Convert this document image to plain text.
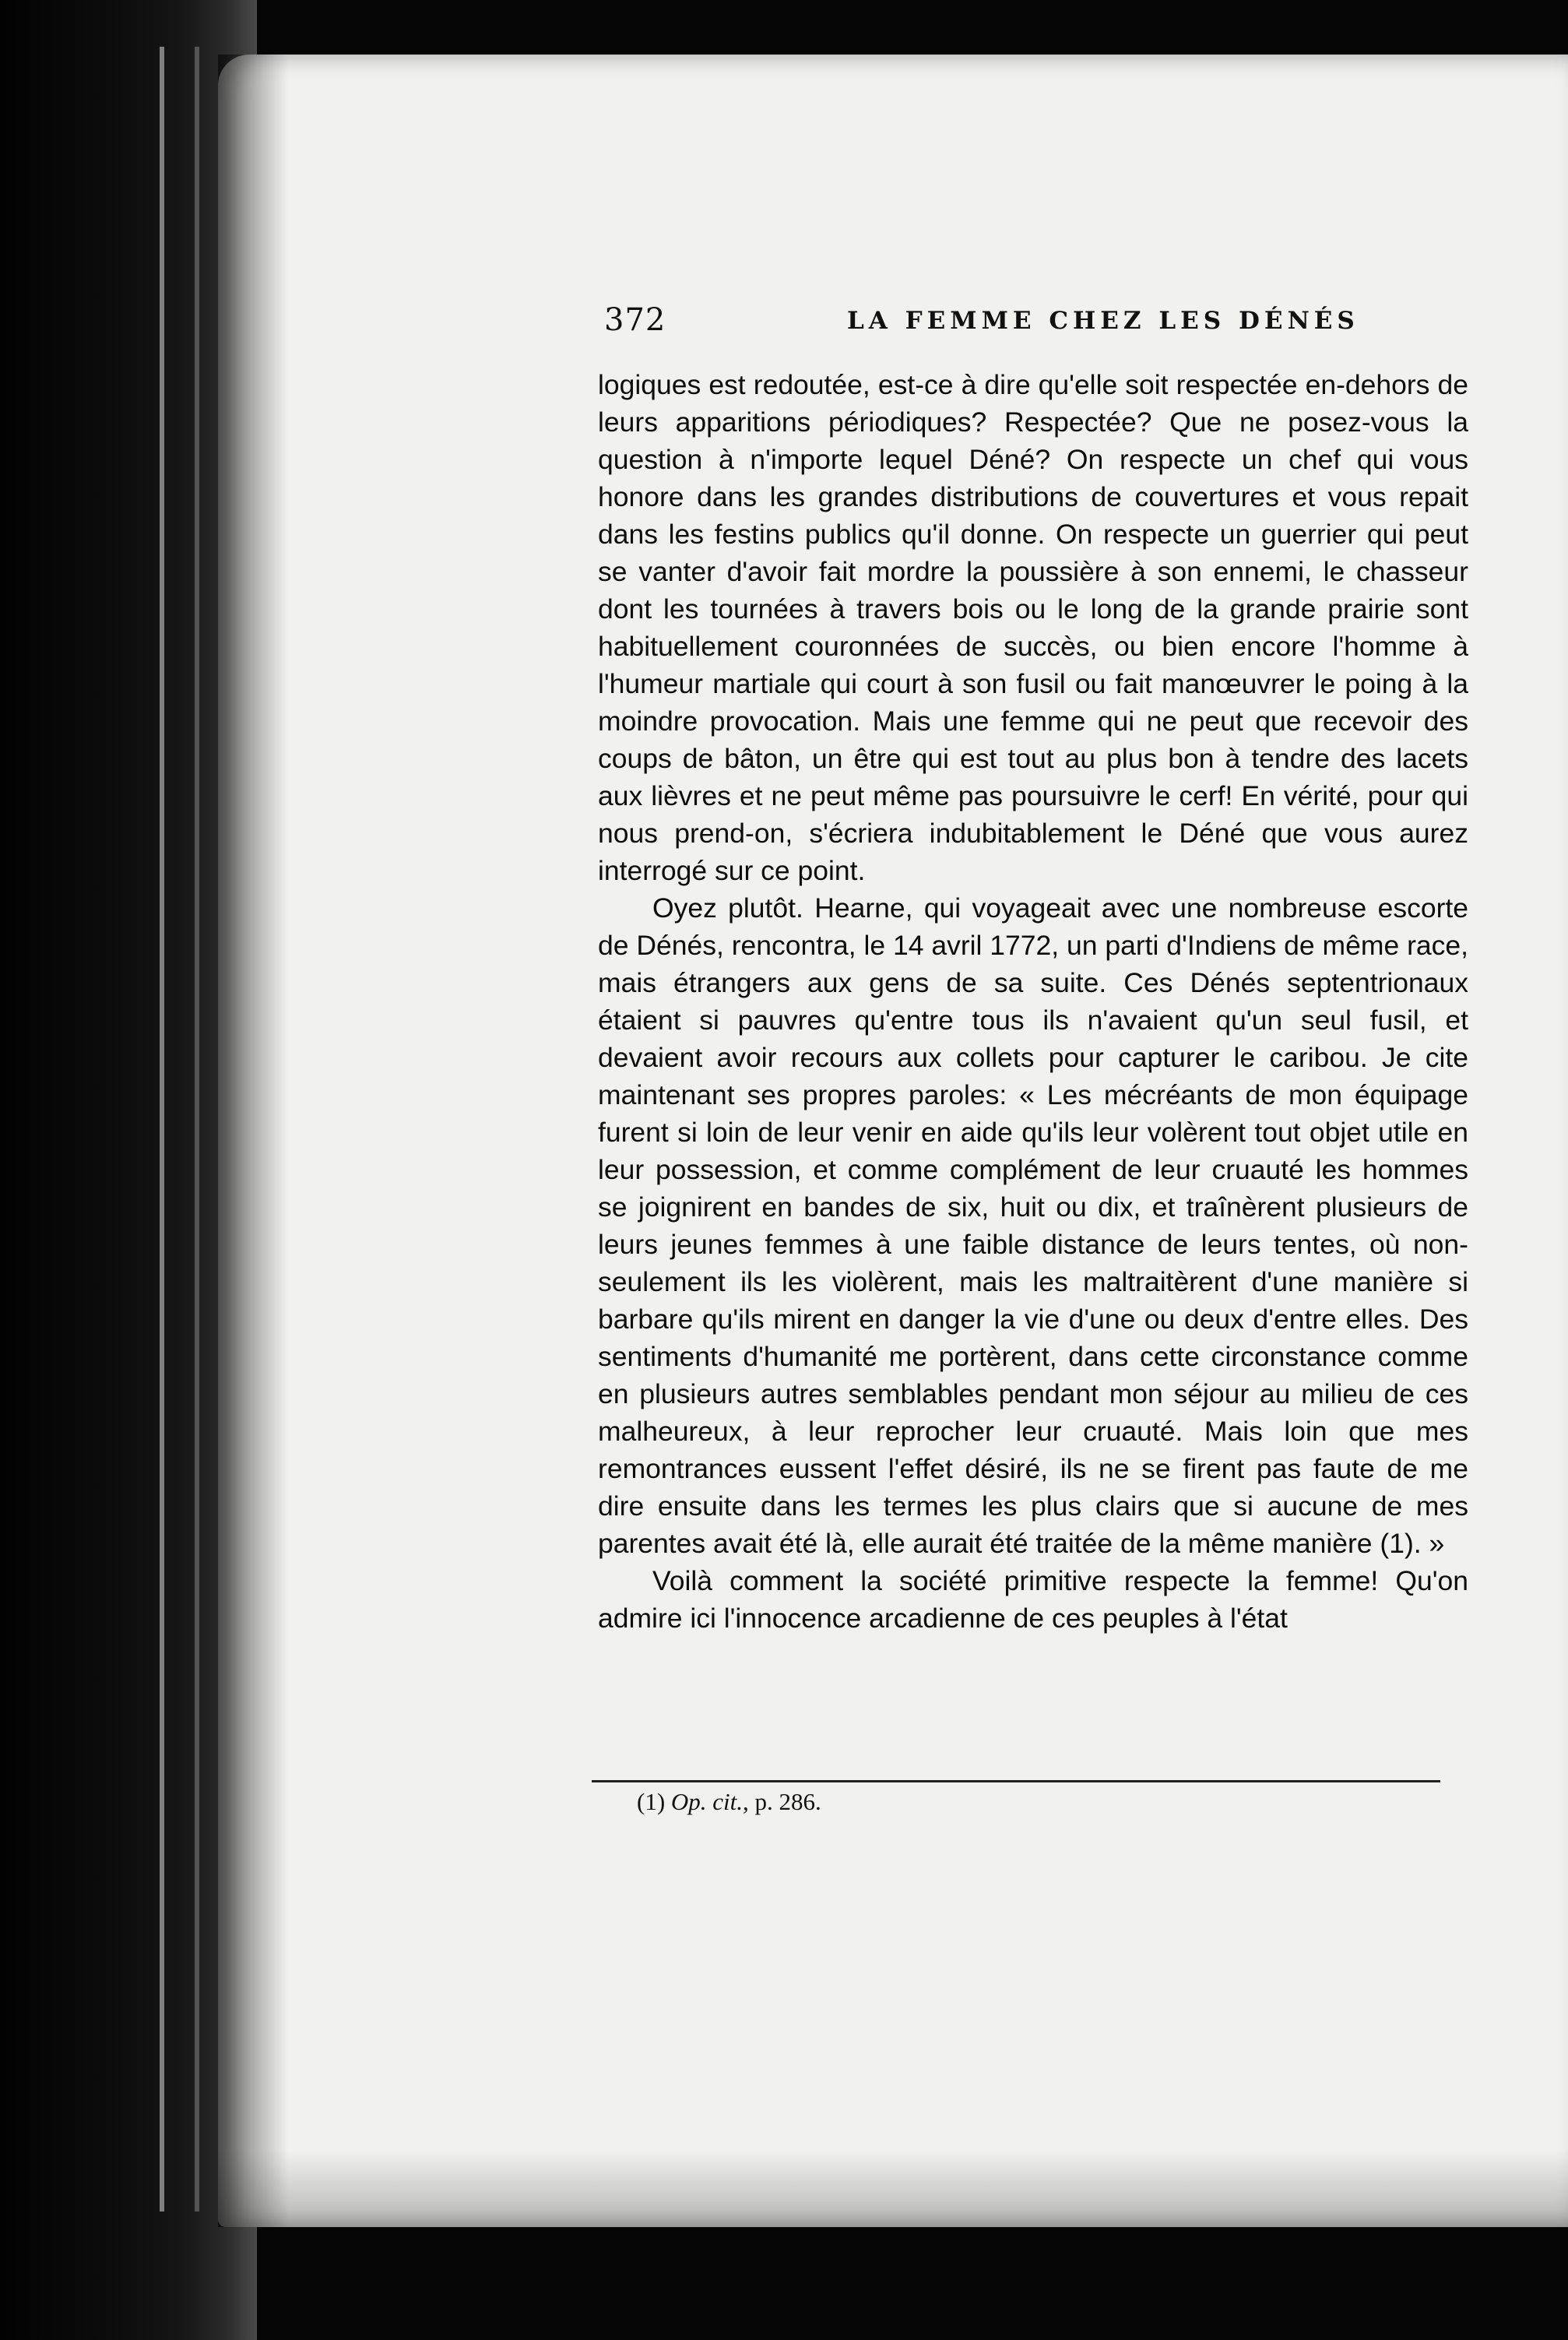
372	LA FEMME CHEZ LES DÉNÉS

logiques est redoutée, est-ce à dire qu'elle soit respectée en-dehors de leurs apparitions périodiques? Respectée? Que ne posez-vous la question à n'importe lequel Déné? On respecte un chef qui vous honore dans les grandes distributions de couvertures et vous repait dans les festins publics qu'il donne. On respecte un guerrier qui peut se vanter d'avoir fait mordre la poussière à son ennemi, le chasseur dont les tournées à travers bois ou le long de la grande prairie sont habituellement couronnées de succès, ou bien encore l'homme à l'humeur martiale qui court à son fusil ou fait manœuvrer le poing à la moindre provocation. Mais une femme qui ne peut que recevoir des coups de bâton, un être qui est tout au plus bon à tendre des lacets aux lièvres et ne peut même pas poursuivre le cerf! En vérité, pour qui nous prend-on, s'écriera indubitablement le Déné que vous aurez interrogé sur ce point.

Oyez plutôt. Hearne, qui voyageait avec une nombreuse escorte de Dénés, rencontra, le 14 avril 1772, un parti d'Indiens de même race, mais étrangers aux gens de sa suite. Ces Dénés septentrionaux étaient si pauvres qu'entre tous ils n'avaient qu'un seul fusil, et devaient avoir recours aux collets pour capturer le caribou. Je cite maintenant ses propres paroles: « Les mécréants de mon équipage furent si loin de leur venir en aide qu'ils leur volèrent tout objet utile en leur possession, et comme complément de leur cruauté les hommes se joignirent en bandes de six, huit ou dix, et traînèrent plusieurs de leurs jeunes femmes à une faible distance de leurs tentes, où non-seulement ils les violèrent, mais les maltraitèrent d'une manière si barbare qu'ils mirent en danger la vie d'une ou deux d'entre elles. Des sentiments d'humanité me portèrent, dans cette circonstance comme en plusieurs autres semblables pendant mon séjour au milieu de ces malheureux, à leur reprocher leur cruauté. Mais loin que mes remontrances eussent l'effet désiré, ils ne se firent pas faute de me dire ensuite dans les termes les plus clairs que si aucune de mes parentes avait été là, elle aurait été traitée de la même manière (1). »

Voilà comment la société primitive respecte la femme! Qu'on admire ici l'innocence arcadienne de ces peuples à l'état

(1) Op. cit., p. 286.
